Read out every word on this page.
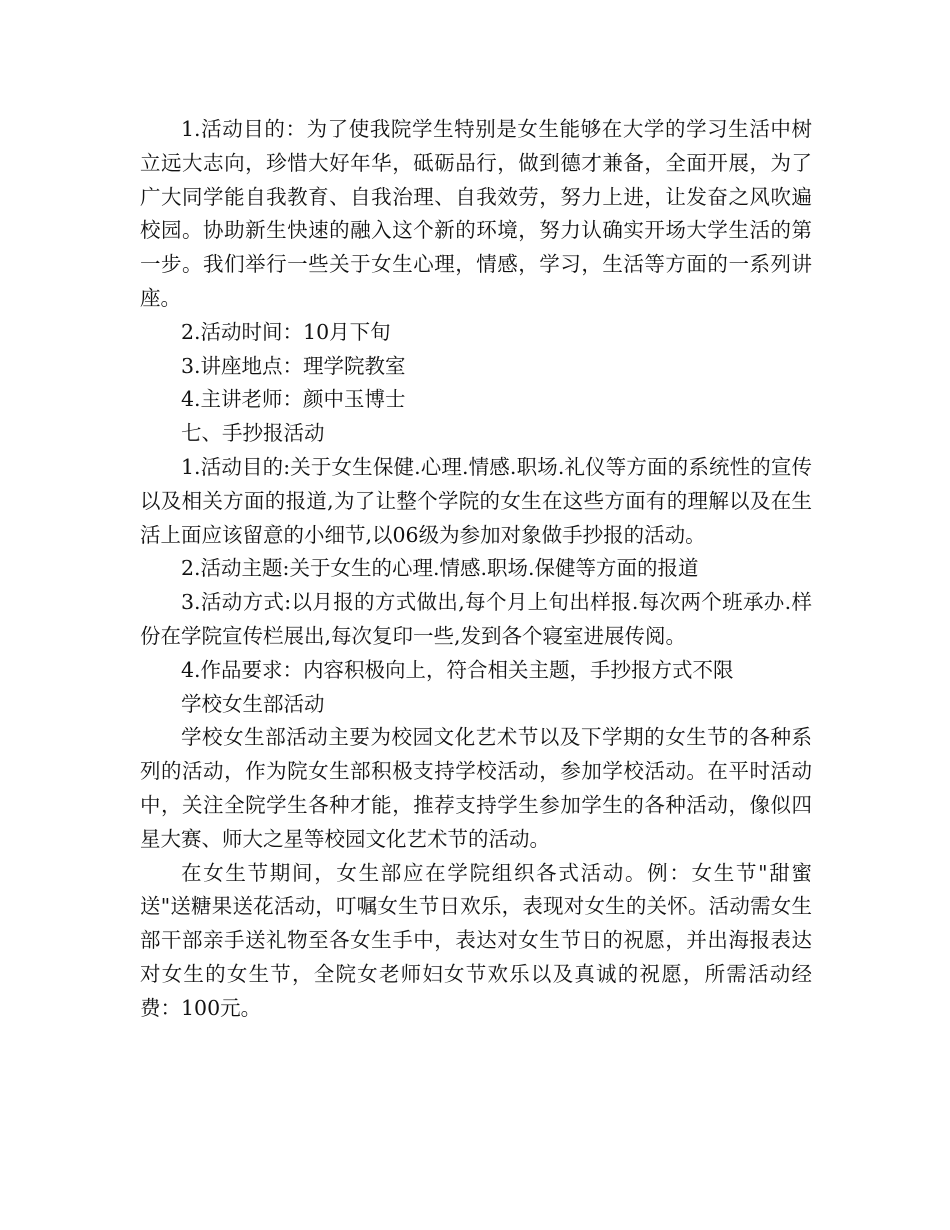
1.活动目的：为了使我院学生特别是女生能够在大学的学习生活中树立远大志向，珍惜大好年华，砥砺品行，做到德才兼备，全面开展，为了广大同学能自我教育、自我治理、自我效劳，努力上进，让发奋之风吹遍校园。协助新生快速的融入这个新的环境，努力认确实开场大学生活的第一步。我们举行一些关于女生心理，情感，学习，生活等方面的一系列讲座。

2.活动时间：10月下旬

3.讲座地点：理学院教室

4.主讲老师：颜中玉博士

七、手抄报活动

1.活动目的:关于女生保健.心理.情感.职场.礼仪等方面的系统性的宣传以及相关方面的报道,为了让整个学院的女生在这些方面有的理解以及在生活上面应该留意的小细节,以06级为参加对象做手抄报的活动。

2.活动主题:关于女生的心理.情感.职场.保健等方面的报道

3.活动方式:以月报的方式做出,每个月上旬出样报.每次两个班承办.样份在学院宣传栏展出,每次复印一些,发到各个寝室进展传阅。

4.作品要求：内容积极向上，符合相关主题，手抄报方式不限

学校女生部活动

学校女生部活动主要为校园文化艺术节以及下学期的女生节的各种系列的活动，作为院女生部积极支持学校活动，参加学校活动。在平时活动中，关注全院学生各种才能，推荐支持学生参加学生的各种活动，像似四星大赛、师大之星等校园文化艺术节的活动。

在女生节期间，女生部应在学院组织各式活动。例：女生节"甜蜜送"送糖果送花活动，叮嘱女生节日欢乐，表现对女生的关怀。活动需女生部干部亲手送礼物至各女生手中，表达对女生节日的祝愿，并出海报表达对女生的女生节，全院女老师妇女节欢乐以及真诚的祝愿，所需活动经费：100元。
